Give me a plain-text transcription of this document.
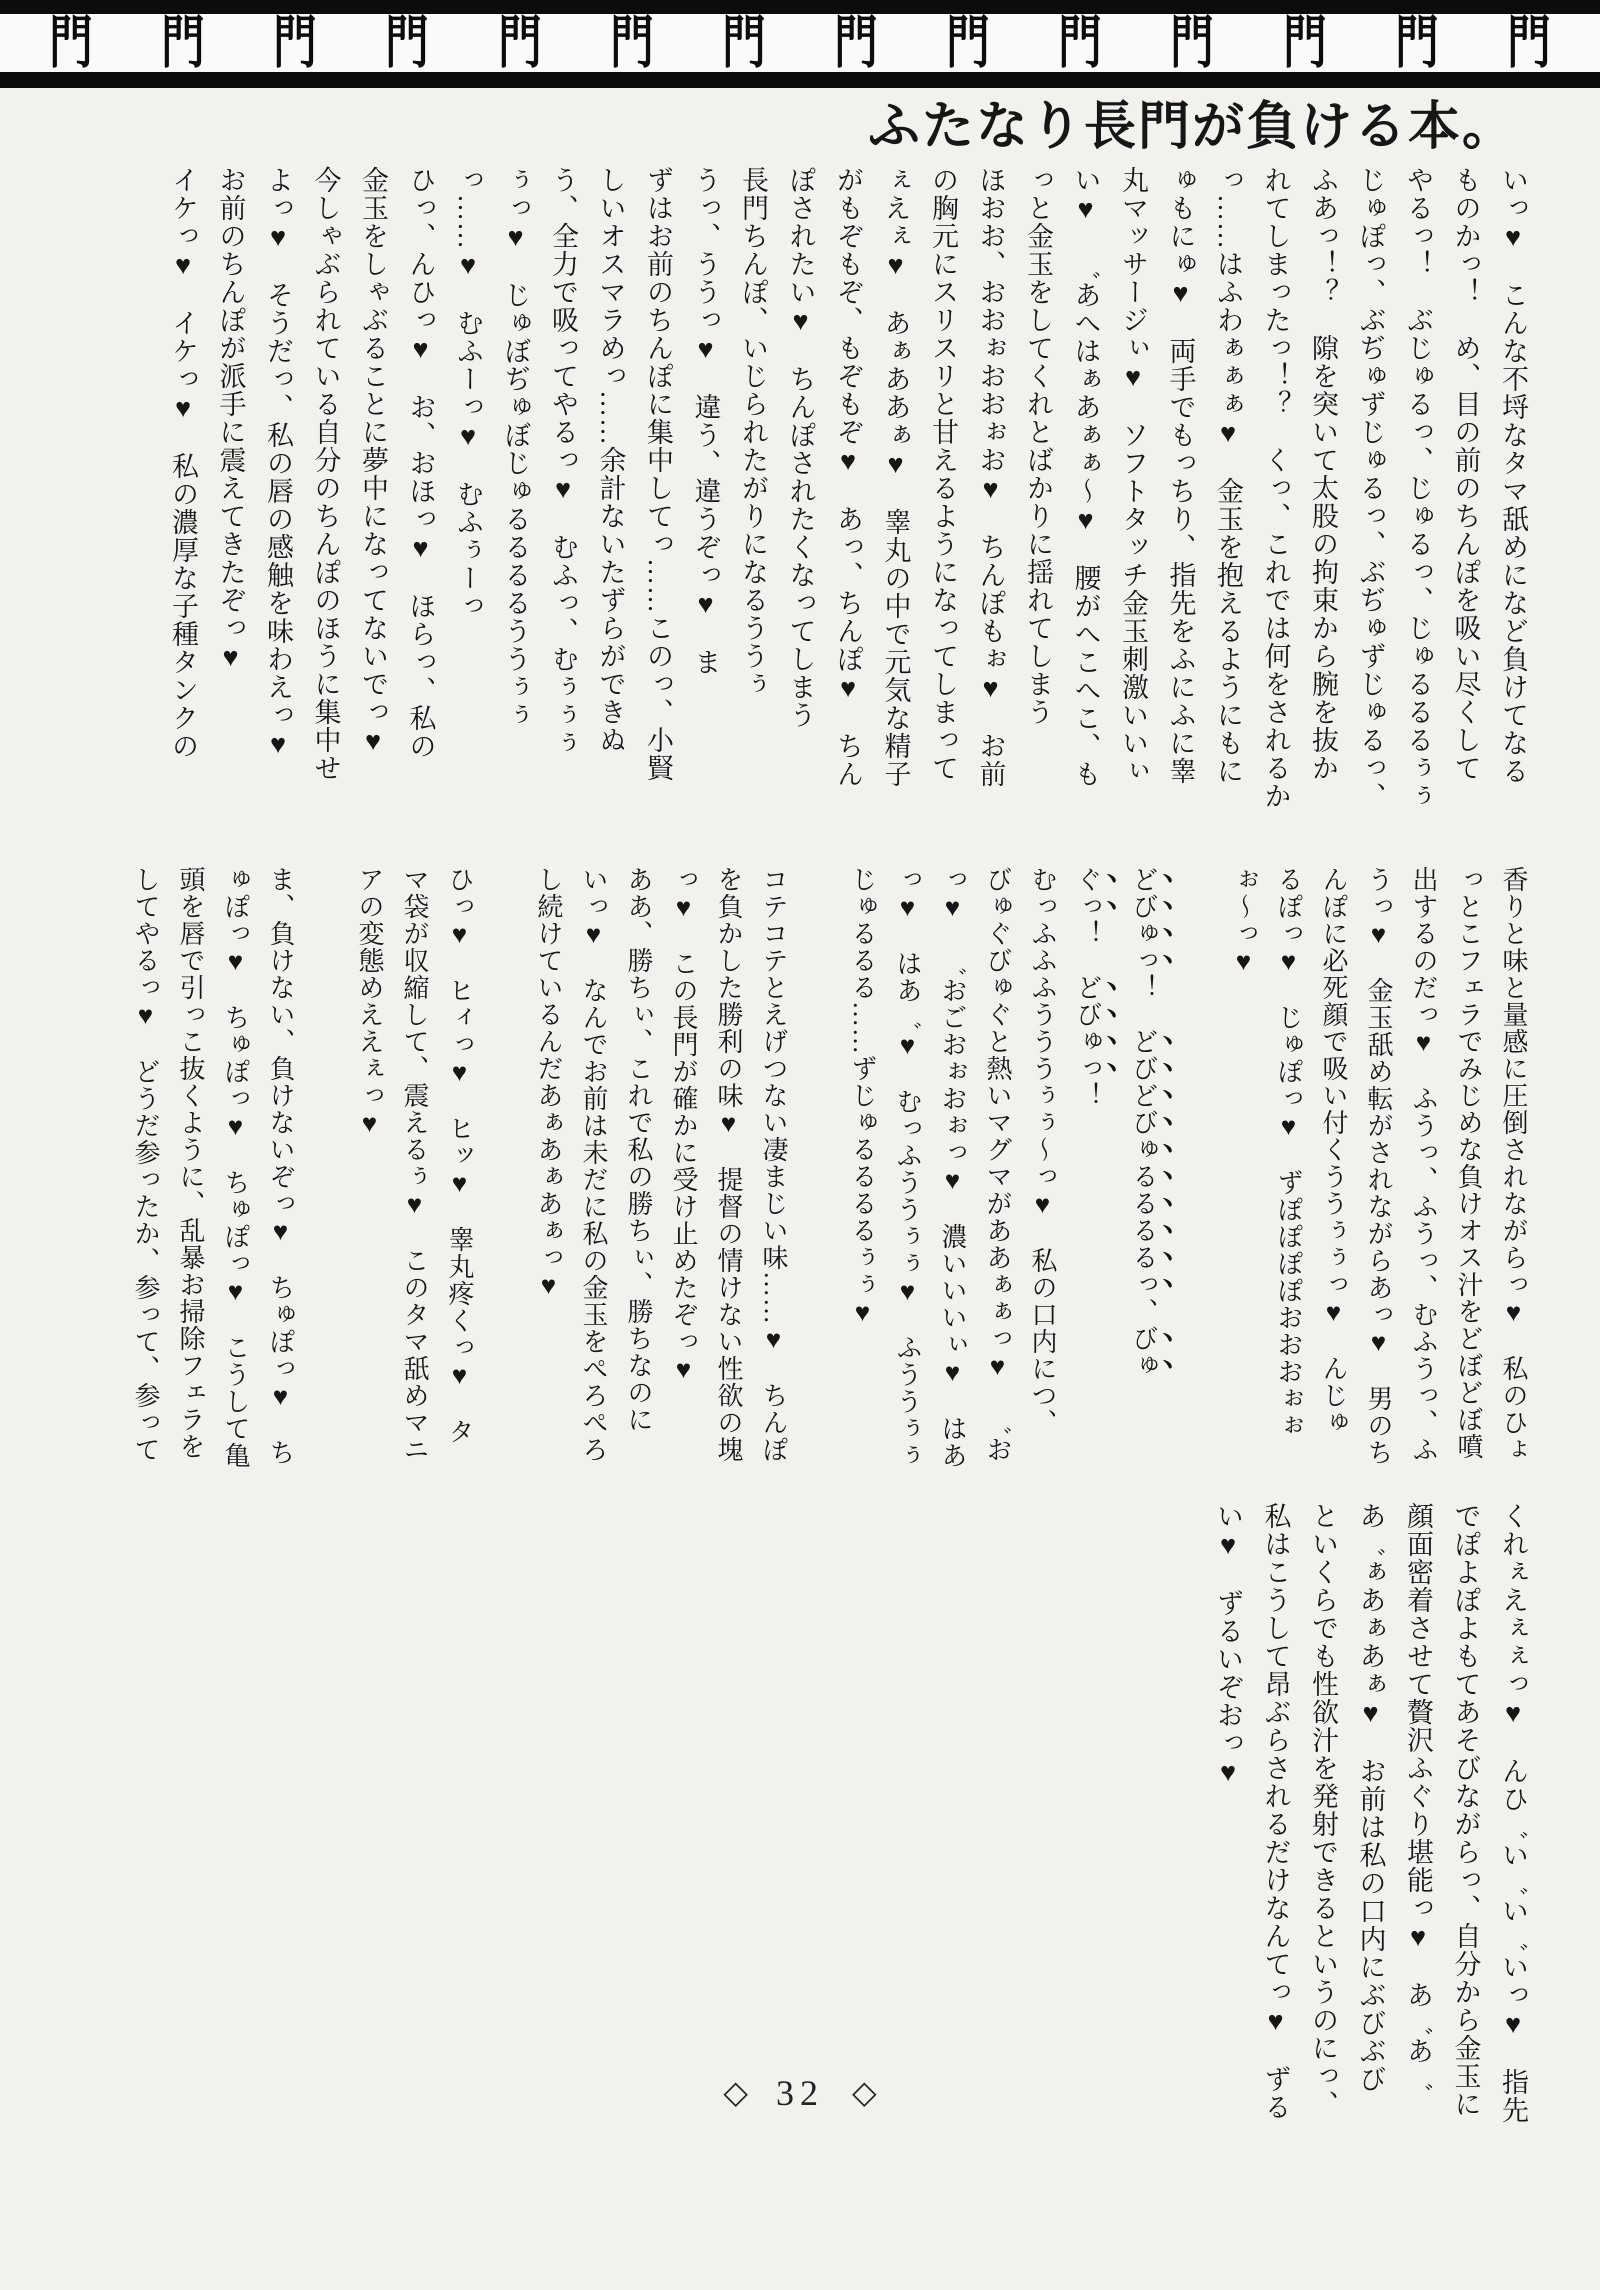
門 門 門 門 門 門 門 門 門 門 門 門 門 門
ふたなり長門が負ける本。

いっ♥　こんな不埒なタマ舐めになど負けてなる

ものかっ！　め、目の前のちんぽを吸い尽くして

やるっ！　ぶじゅるっ、じゅるっ、じゅるるるぅぅ

じゅぽっ、ぶぢゅずじゅるっ、ぶぢゅずじゅるっ、

ふあっ！？　隙を突いて太股の拘束から腕を抜か

れてしまったっ！？　くっ、これでは何をされるか

っ……はふわぁぁぁ♥　金玉を抱えるようにもに

ゅもにゅ♥　両手でもっちり、指先をふにふに睾

丸マッサージぃ♥　ソフトタッチ金玉刺激いいぃ

い♥　゛あへはぁあぁぁ～♥　腰がへこへこ、も

っと金玉をしてくれとばかりに揺れてしまう

ほおお、おおぉおおぉお♥　ちんぽもぉ♥　お前

の胸元にスリスリと甘えるようになってしまって

ぇえぇ♥　あぁああぁ♥　睾丸の中で元気な精子

がもぞもぞ、もぞもぞ♥　あっ、ちんぽ♥　ちん

ぽされたい♥　ちんぽされたくなってしまう

長門ちんぽ、いじられたがりになるううぅ

うっ、ううっ♥　違う、違うぞっ♥　ま

ずはお前のちんぽに集中してっ……このっ、小賢

しいオスマラめっ……余計ないたずらができぬ

う、全力で吸ってやるっ♥　むふっ、むぅぅぅ

ぅっ♥　じゅぼぢゅぼじゅるるるるううぅぅ

っ……♥　むふーっ♥　むふぅーっ

ひっ、んひっ♥　お、おほっ♥　ほらっ、私の

金玉をしゃぶることに夢中になってないでっ♥

今しゃぶられている自分のちんぽのほうに集中せ

よっ♥　そうだっ、私の唇の感触を味わえっ♥

お前のちんぽが派手に震えてきたぞっ♥

イケっ♥　イケっ♥　私の濃厚な子種タンクの

香りと味と量感に圧倒されながらっ♥　私のひょ

っとこフェラでみじめな負けオス汁をどぼどぼ噴

出するのだっ♥　ふうっ、ふうっ、むふうっ、ふ

うっ♥　金玉舐め転がされながらあっ♥　男のち

んぽに必死顔で吸い付くううぅぅっ♥　んじゅ

るぽっ♥　じゅぽっ♥　ずぽぽぽぽおおおぉぉ

ぉ～っ♥

どびゅっ！　どびどびゅるるるるっ、びゅ

ぐっ！　どびゅっ！

むっふふふうううぅぅ～っ♥　私の口内につ、

びゅぐびゅぐと熱いマグマがああぁぁっ♥　゛お

っ♥　゛おごおぉおぉっ♥　濃いいいぃ♥　はあ

っ♥　はあ゛♥　むっふううぅぅ♥　ふううぅぅ

じゅるるる……ずじゅるるるるぅぅ♥

コテコテとえげつない凄まじい味……♥　ちんぽ

を負かした勝利の味♥　提督の情けない性欲の塊

っ♥　この長門が確かに受け止めたぞっ♥

ああ、勝ちぃ、これで私の勝ちぃ、勝ちなのに

いっ♥　なんでお前は未だに私の金玉をぺろぺろ

し続けているんだあぁあぁあぁっ♥

ひっ♥　ヒィっ♥　ヒッ♥　睾丸疼くっ♥　タ

マ袋が収縮して、震えるぅ♥　このタマ舐めマニ

アの変態めええぇっ♥

ま、負けない、負けないぞっ♥　ちゅぽっ♥　ち

ゅぽっ♥　ちゅぽっ♥　ちゅぽっ♥　こうして亀

頭を唇で引っこ抜くように、乱暴お掃除フェラを

してやるっ♥　どうだ参ったか、参って、参って

くれぇえぇぇっ♥　んひ゛い゛い゛いっ♥　指先

でぽよぽよもてあそびながらっ、自分から金玉に

顔面密着させて贅沢ふぐり堪能っ♥　あ゛あ゛

あ゛ぁあぁあぁ♥　お前は私の口内にぶびぶび

といくらでも性欲汁を発射できるというのにっ、

私はこうして昂ぶらされるだけなんてっ♥　ずる

い♥　ずるいぞおっ♥

◇ 32 ◇
